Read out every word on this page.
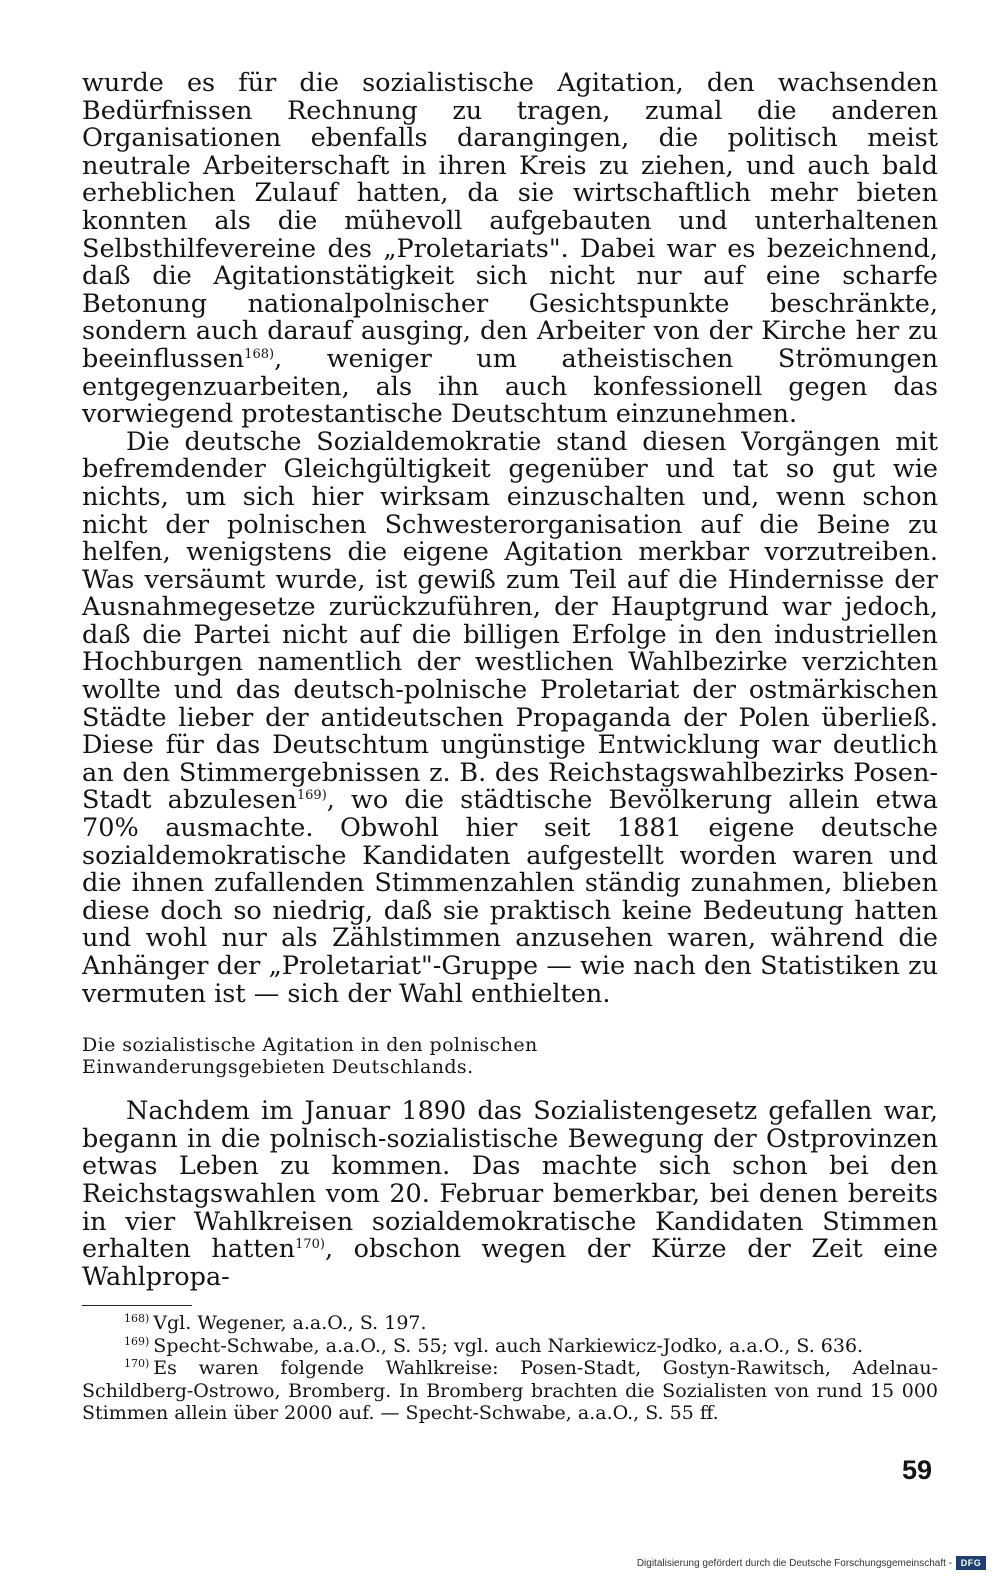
wurde es für die sozialistische Agitation, den wachsenden Bedürfnissen Rechnung zu tragen, zumal die anderen Organisationen ebenfalls darangingen, die politisch meist neutrale Arbeiterschaft in ihren Kreis zu ziehen, und auch bald erheblichen Zulauf hatten, da sie wirtschaftlich mehr bieten konnten als die mühevoll aufgebauten und unterhaltenen Selbsthilfevereine des „Proletariats". Dabei war es bezeichnend, daß die Agitationstätigkeit sich nicht nur auf eine scharfe Betonung nationalpolnischer Gesichtspunkte beschränkte, sondern auch darauf ausging, den Arbeiter von der Kirche her zu beeinflussen$^{168)}$, weniger um atheistischen Strömungen entgegenzuarbeiten, als ihn auch konfessionell gegen das vorwiegend protestantische Deutschtum einzunehmen.

Die deutsche Sozialdemokratie stand diesen Vorgängen mit befremdender Gleichgültigkeit gegenüber und tat so gut wie nichts, um sich hier wirksam einzuschalten und, wenn schon nicht der polnischen Schwesterorganisation auf die Beine zu helfen, wenigstens die eigene Agitation merkbar vorzutreiben. Was versäumt wurde, ist gewiß zum Teil auf die Hindernisse der Ausnahmegesetze zurückzuführen, der Hauptgrund war jedoch, daß die Partei nicht auf die billigen Erfolge in den industriellen Hochburgen namentlich der westlichen Wahlbezirke verzichten wollte und das deutsch-polnische Proletariat der ostmärkischen Städte lieber der antideutschen Propaganda der Polen überließ. Diese für das Deutschtum ungünstige Entwicklung war deutlich an den Stimmergebnissen z. B. des Reichstagswahlbezirks Posen-Stadt abzulesen$^{169)}$, wo die städtische Bevölkerung allein etwa 70% ausmachte. Obwohl hier seit 1881 eigene deutsche sozialdemokratische Kandidaten aufgestellt worden waren und die ihnen zufallenden Stimmenzahlen ständig zunahmen, blieben diese doch so niedrig, daß sie praktisch keine Bedeutung hatten und wohl nur als Zählstimmen anzusehen waren, während die Anhänger der „Proletariat"-Gruppe — wie nach den Statistiken zu vermuten ist — sich der Wahl enthielten.

Die sozialistische Agitation in den polnischen Einwanderungsgebieten Deutschlands.

Nachdem im Januar 1890 das Sozialistengesetz gefallen war, begann in die polnisch-sozialistische Bewegung der Ostprovinzen etwas Leben zu kommen. Das machte sich schon bei den Reichstagswahlen vom 20. Februar bemerkbar, bei denen bereits in vier Wahlkreisen sozialdemokratische Kandidaten Stimmen erhalten hatten$^{170)}$, obschon wegen der Kürze der Zeit eine Wahlpropa-

$^{168)}$ Vgl. Wegener, a.a.O., S. 197.

$^{169)}$ Specht-Schwabe, a.a.O., S. 55; vgl. auch Narkiewicz-Jodko, a.a.O., S. 636.

$^{170)}$ Es waren folgende Wahlkreise: Posen-Stadt, Gostyn-Rawitsch, Adelnau-Schildberg-Ostrowo, Bromberg. In Bromberg brachten die Sozialisten von rund 15 000 Stimmen allein über 2000 auf. — Specht-Schwabe, a.a.O., S. 55 ff.

59
Digitalisierung gefördert durch die Deutsche Forschungsgemeinschaft - DFG
